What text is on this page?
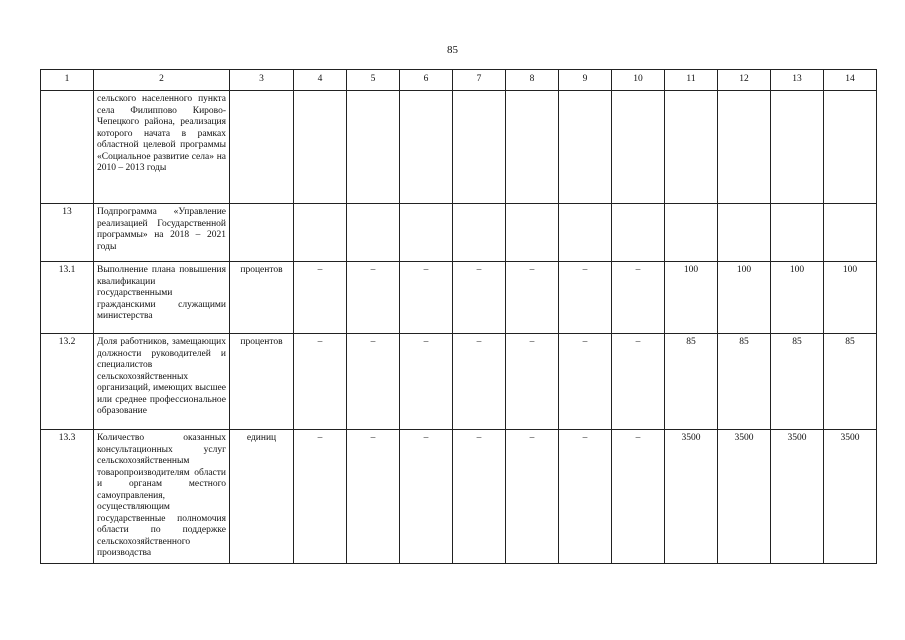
85
1	2	3	4	5	6	7	8	9	10	11	12	13	14
	сельского населенного пункта села Филиппово Кирово-Чепецкого района, реализация которого начата в рамках областной целевой программы «Социальное развитие села» на 2010 – 2013 годы												
13	Подпрограмма «Управление реализацией Государственной программы» на 2018 – 2021 годы												
13.1	Выполнение плана повышения квалификации государственными гражданскими служащими министерства	процентов	–	–	–	–	–	–	–	100	100	100	100
13.2	Доля работников, замещающих должности руководителей и специалистов сельскохозяйственных организаций, имеющих высшее или среднее профессиональное образование	процентов	–	–	–	–	–	–	–	85	85	85	85
13.3	Количество оказанных консультационных услуг сельскохозяйственным товаропроизводителям области и органам местного самоуправления, осуществляющим государственные полномочия области по поддержке сельскохозяйственного производства	единиц	–	–	–	–	–	–	–	3500	3500	3500	3500
